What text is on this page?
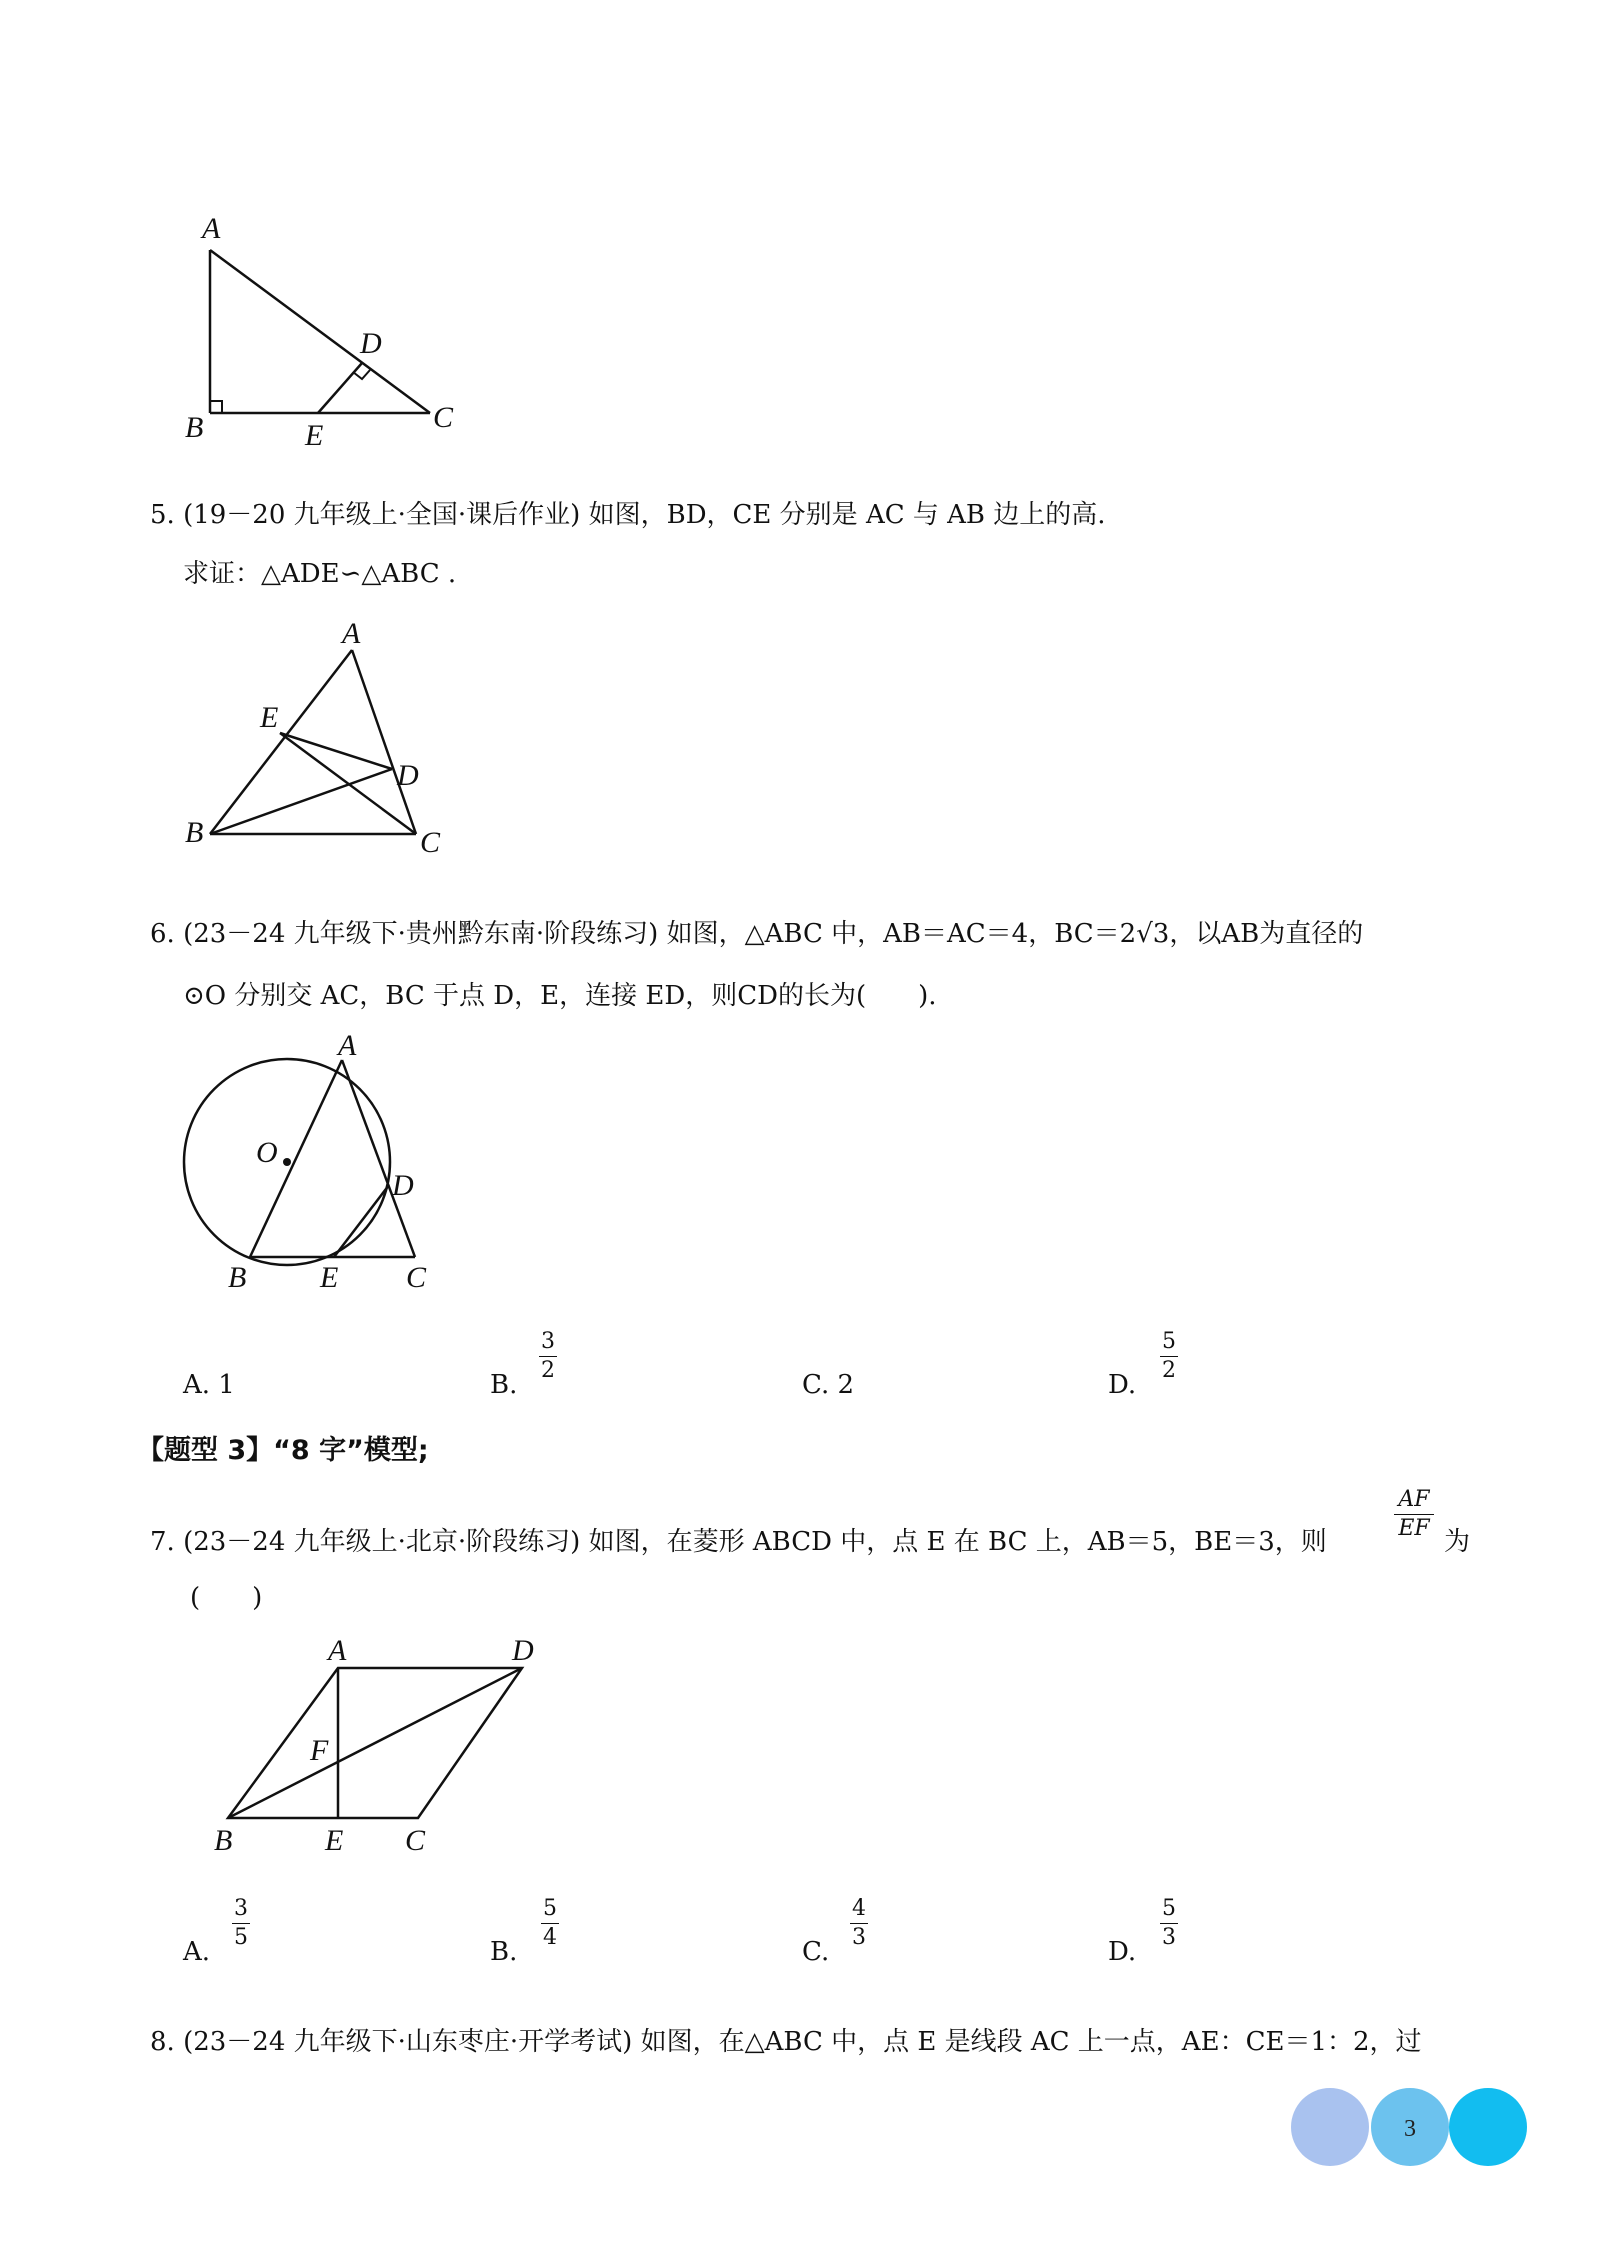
A
B	C
D
E
5. (19－20 九年级上·全国·课后作业) 如图，BD，CE 分别是 AC 与 AB 边上的高.
求证：△ADE∽△ABC .
A
B	C
D
E
6. (23－24 九年级下·贵州黔东南·阶段练习) 如图，△ABC 中，AB＝AC＝4，BC＝2√3，以AB为直径的
⊙O 分别交 AC，BC 于点 D，E，连接 ED，则CD的长为(　　).
A
B	C
D
E
O
A. 1	B.
3
2	C. 2	D.
5
2
【题型 3】“8 字”模型;
7. (23－24 九年级上·北京·阶段练习) 如图，在菱形 ABCD 中，点 E 在 BC 上，AB＝5，BE＝3，则
AF
EF 为
(　　)
A	D
F
B	E C
A.
3
5	B.
5
4	C.
4
3	D.
5
3
8. (23－24 九年级下·山东枣庄·开学考试) 如图，在△ABC 中，点 E 是线段 AC 上一点，AE：CE＝1：2，过
3
